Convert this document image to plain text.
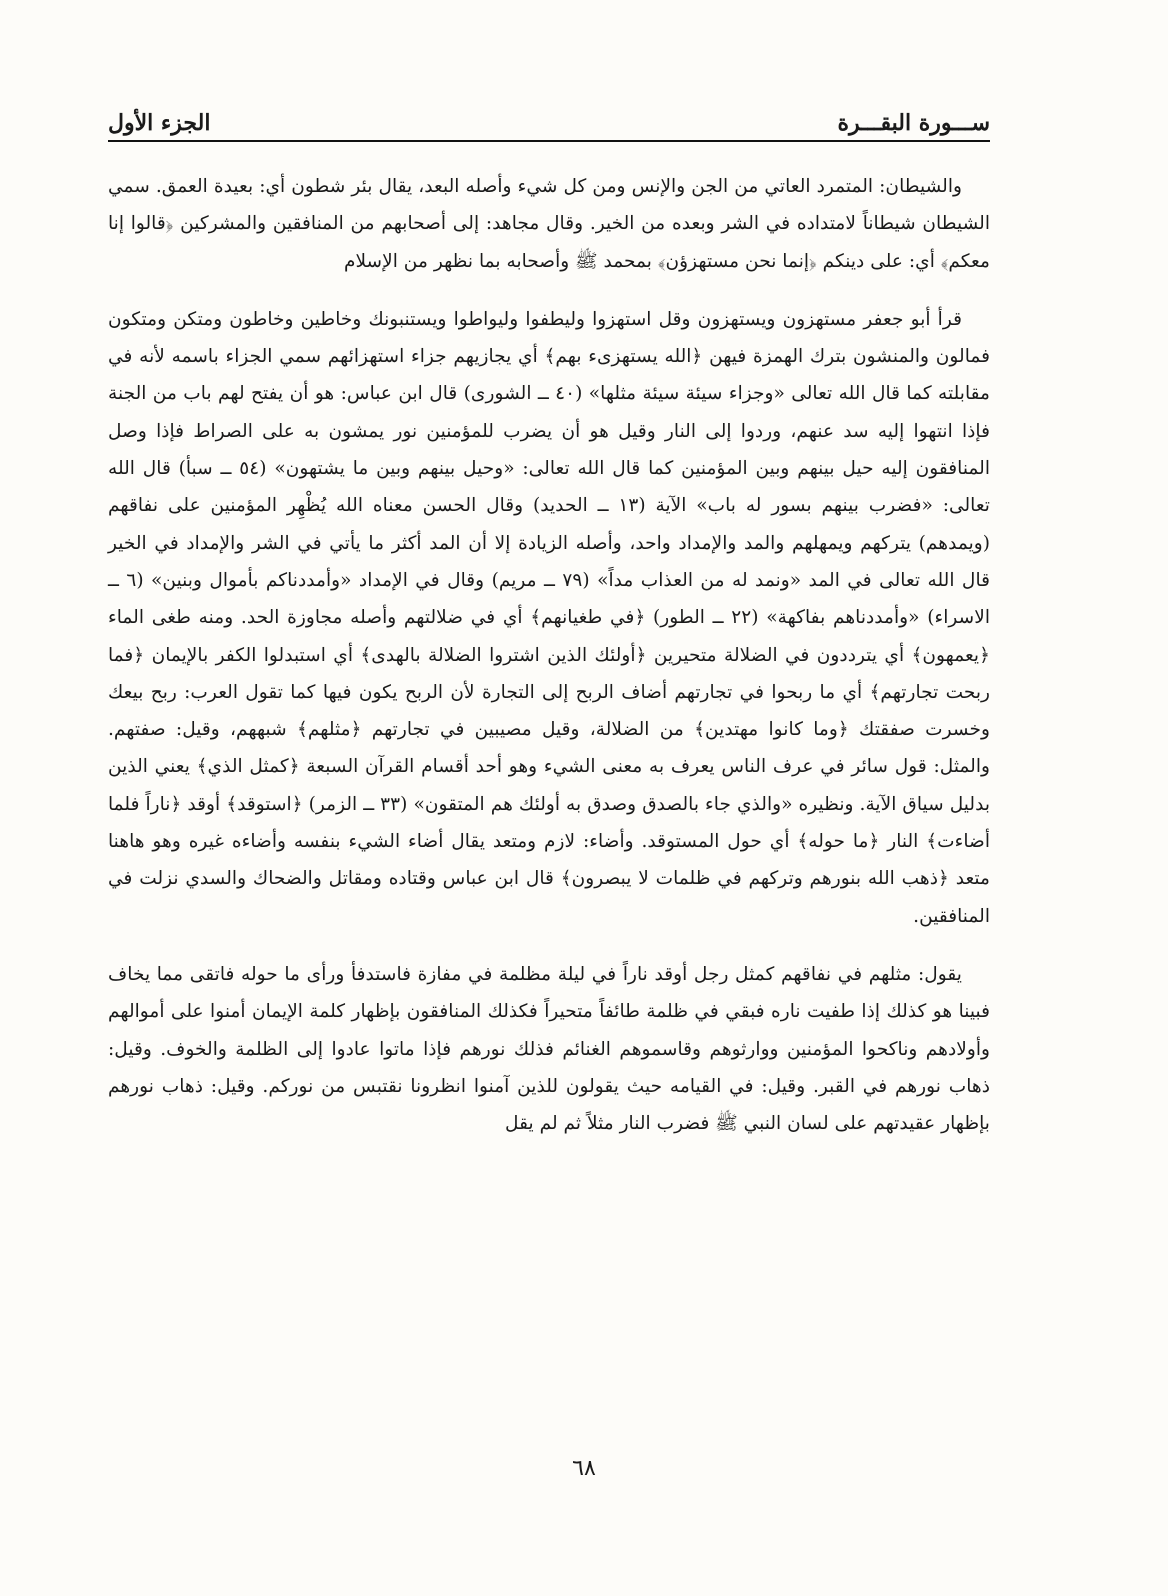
ســـورة البقـــرة
الجزء الأول

والشيطان: المتمرد العاتي من الجن والإنس ومن كل شيء وأصله البعد، يقال بئر شطون أي: بعيدة العمق. سمي الشيطان شيطاناً لامتداده في الشر وبعده من الخير. وقال مجاهد: إلى أصحابهم من المنافقين والمشركين ﴿قالوا إنا معكم﴾ أي: على دينكم ﴿إنما نحن مستهزؤن﴾ بمحمد ﷺ وأصحابه بما نظهر من الإسلام

قرأ أبو جعفر مستهزون ويستهزون وقل استهزوا وليطفوا وليواطوا ويستنبونك وخاطين وخاطون ومتكن ومتكون فمالون والمنشون بترك الهمزة فيهن ﴿الله يستهزىء بهم﴾ أي يجازيهم جزاء استهزائهم سمي الجزاء باسمه لأنه في مقابلته كما قال الله تعالى «وجزاء سيئة سيئة مثلها» (٤٠ ــ الشورى) قال ابن عباس: هو أن يفتح لهم باب من الجنة فإذا انتهوا إليه سد عنهم، وردوا إلى النار وقيل هو أن يضرب للمؤمنين نور يمشون به على الصراط فإذا وصل المنافقون إليه حيل بينهم وبين المؤمنين كما قال الله تعالى: «وحيل بينهم وبين ما يشتهون» (٥٤ ــ سبأ) قال الله تعالى: «فضرب بينهم بسور له باب» الآية (١٣ ــ الحديد) وقال الحسن معناه الله يُظْهِر المؤمنين على نفاقهم (ويمدهم) يتركهم ويمهلهم والمد والإمداد واحد، وأصله الزيادة إلا أن المد أكثر ما يأتي في الشر والإمداد في الخير قال الله تعالى في المد «ونمد له من العذاب مداً» (٧٩ ــ مريم) وقال في الإمداد «وأمددناكم بأموال وبنين» (٦ ــ الاسراء) «وأمددناهم بفاكهة» (٢٢ ــ الطور) ﴿في طغيانهم﴾ أي في ضلالتهم وأصله مجاوزة الحد. ومنه طغى الماء ﴿يعمهون﴾ أي يترددون في الضلالة متحيرين ﴿أولئك الذين اشتروا الضلالة بالهدى﴾ أي استبدلوا الكفر بالإيمان ﴿فما ربحت تجارتهم﴾ أي ما ربحوا في تجارتهم أضاف الربح إلى التجارة لأن الربح يكون فيها كما تقول العرب: ربح بيعك وخسرت صفقتك ﴿وما كانوا مهتدين﴾ من الضلالة، وقيل مصيبين في تجارتهم ﴿مثلهم﴾ شبههم، وقيل: صفتهم. والمثل: قول سائر في عرف الناس يعرف به معنى الشيء وهو أحد أقسام القرآن السبعة ﴿كمثل الذي﴾ يعني الذين بدليل سياق الآية. ونظيره «والذي جاء بالصدق وصدق به أولئك هم المتقون» (٣٣ ــ الزمر) ﴿استوقد﴾ أوقد ﴿ناراً فلما أضاءت﴾ النار ﴿ما حوله﴾ أي حول المستوقد. وأضاء: لازم ومتعد يقال أضاء الشيء بنفسه وأضاءه غيره وهو هاهنا متعد ﴿ذهب الله بنورهم وتركهم في ظلمات لا يبصرون﴾ قال ابن عباس وقتاده ومقاتل والضحاك والسدي نزلت في المنافقين.

يقول: مثلهم في نفاقهم كمثل رجل أوقد ناراً في ليلة مظلمة في مفازة فاستدفأ ورأى ما حوله فاتقى مما يخاف فبينا هو كذلك إذا طفيت ناره فبقي في ظلمة طائفاً متحيراً فكذلك المنافقون بإظهار كلمة الإيمان أمنوا على أموالهم وأولادهم وناكحوا المؤمنين ووارثوهم وقاسموهم الغنائم فذلك نورهم فإذا ماتوا عادوا إلى الظلمة والخوف. وقيل: ذهاب نورهم في القبر. وقيل: في القيامه حيث يقولون للذين آمنوا انظرونا نقتبس من نوركم. وقيل: ذهاب نورهم بإظهار عقيدتهم على لسان النبي ﷺ فضرب النار مثلاً ثم لم يقل

٦٨
